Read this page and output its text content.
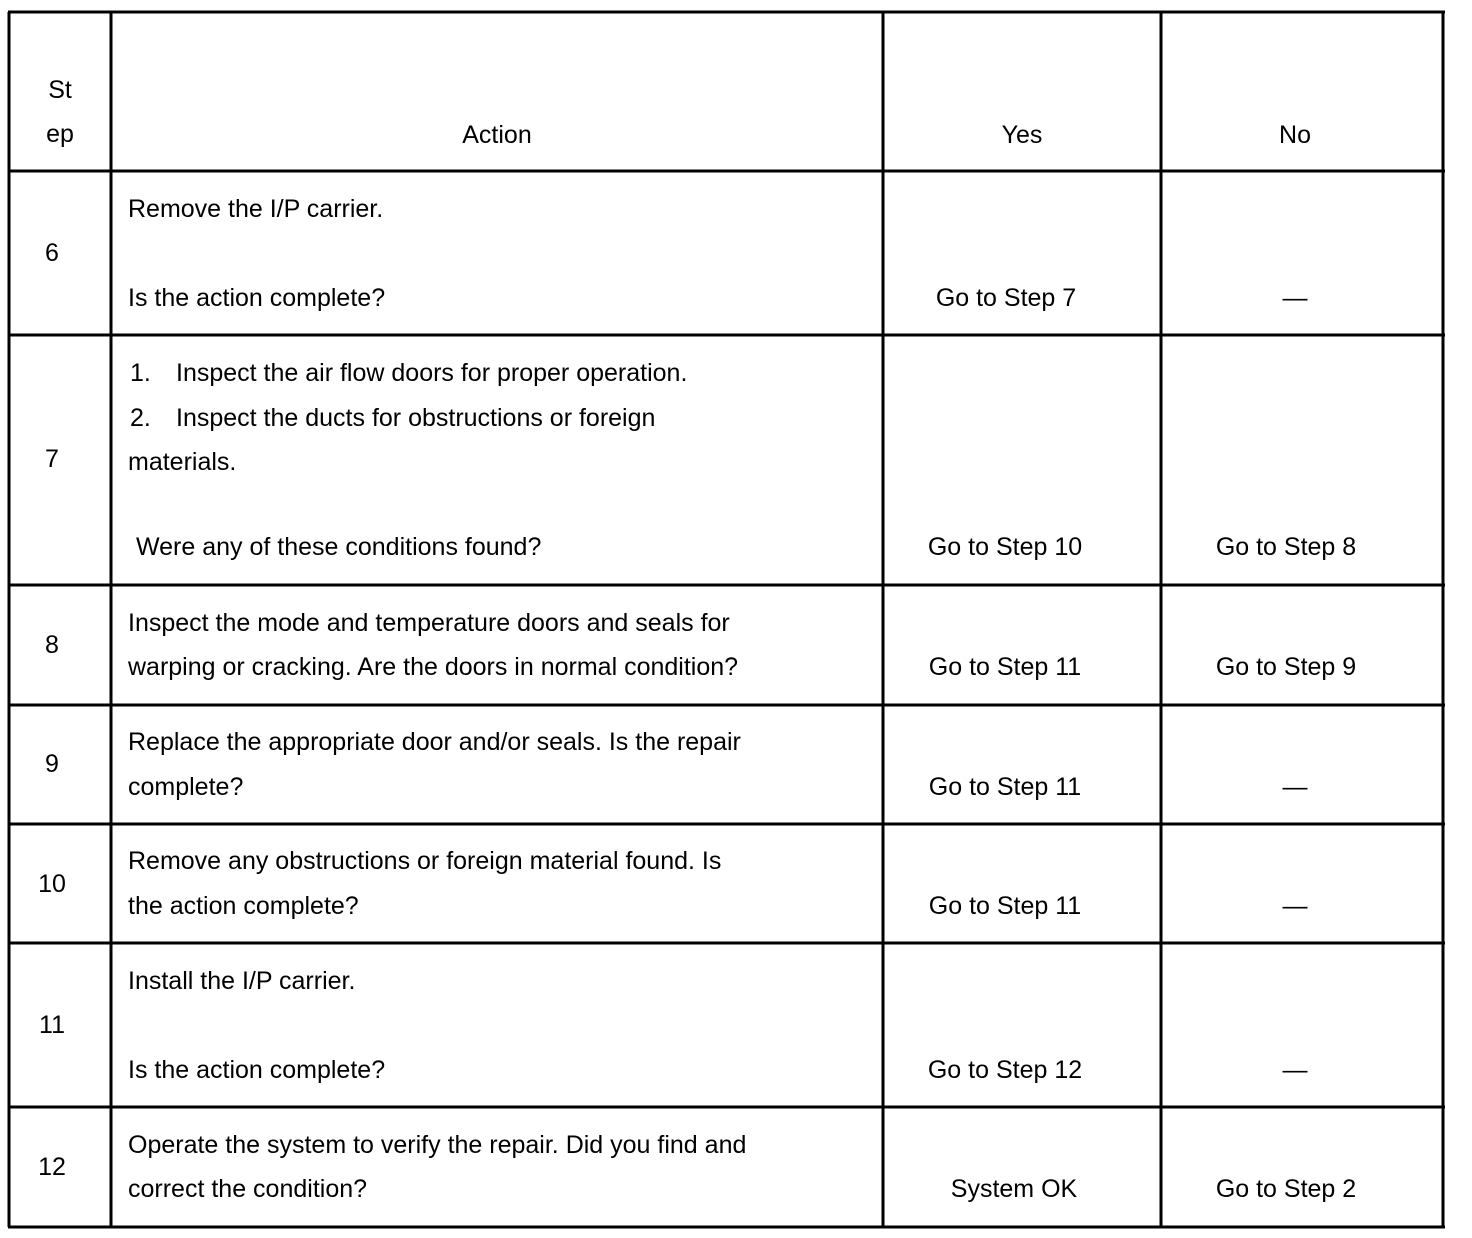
St
ep	Action	Yes	No
6
Remove the I/P carrier.
Is the action complete?	Go to Step 7	—
7
1. Inspect the air flow doors for proper operation.
2. Inspect the ducts for obstructions or foreign
materials.
Were any of these conditions found?	Go to Step 10	Go to Step 8
8
Inspect the mode and temperature doors and seals for
warping or cracking. Are the doors in normal condition?	Go to Step 11	Go to Step 9
9
Replace the appropriate door and/or seals. Is the repair
complete?	Go to Step 11	—
10
Remove any obstructions or foreign material found. Is
the action complete?	Go to Step 11	—
11
Install the I/P carrier.
Is the action complete?	Go to Step 12	—
12
Operate the system to verify the repair. Did you find and
correct the condition?	System OK	Go to Step 2
